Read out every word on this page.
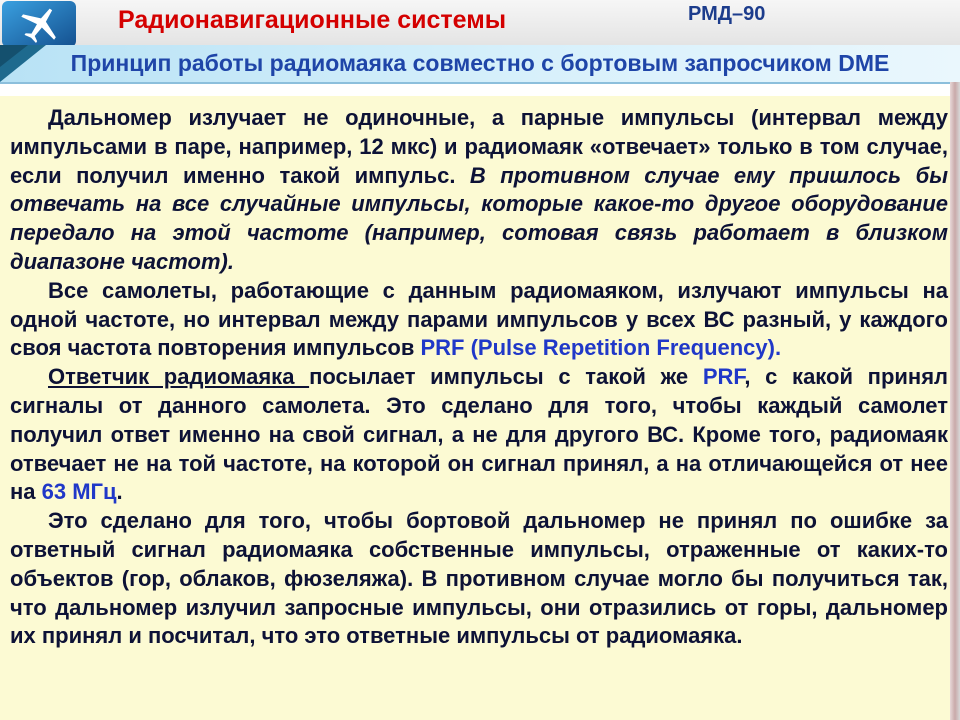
Радионавигационные системы	РМД–90
Принцип работы радиомаяка совместно с бортовым запросчиком DME

Дальномер излучает не одиночные, а парные импульсы (интервал между импульсами в паре, например, 12 мкс) и радиомаяк «отвечает» только в том случае, если получил именно такой импульс. В противном случае ему пришлось бы отвечать на все случайные импульсы, которые какое-то другое оборудование передало на этой частоте (например, сотовая связь работает в близком диапазоне частот).

Все самолеты, работающие с данным радиомаяком, излучают импульсы на одной частоте, но интервал между парами импульсов у всех ВС разный, у каждого своя частота повторения импульсов PRF (Pulse Repetition Frequency).

Ответчик радиомаяка посылает импульсы с такой же PRF, с какой принял сигналы от данного самолета. Это сделано для того, чтобы каждый самолет получил ответ именно на свой сигнал, а не для другого ВС. Кроме того, радиомаяк отвечает не на той частоте, на которой он сигнал принял, а на отличающейся от нее на 63 МГц.

Это сделано для того, чтобы бортовой дальномер не принял по ошибке за ответный сигнал радиомаяка собственные импульсы, отраженные от каких-то объектов (гор, облаков, фюзеляжа). В противном случае могло бы получиться так, что дальномер излучил запросные импульсы, они отразились от горы, дальномер их принял и посчитал, что это ответные импульсы от радиомаяка.
